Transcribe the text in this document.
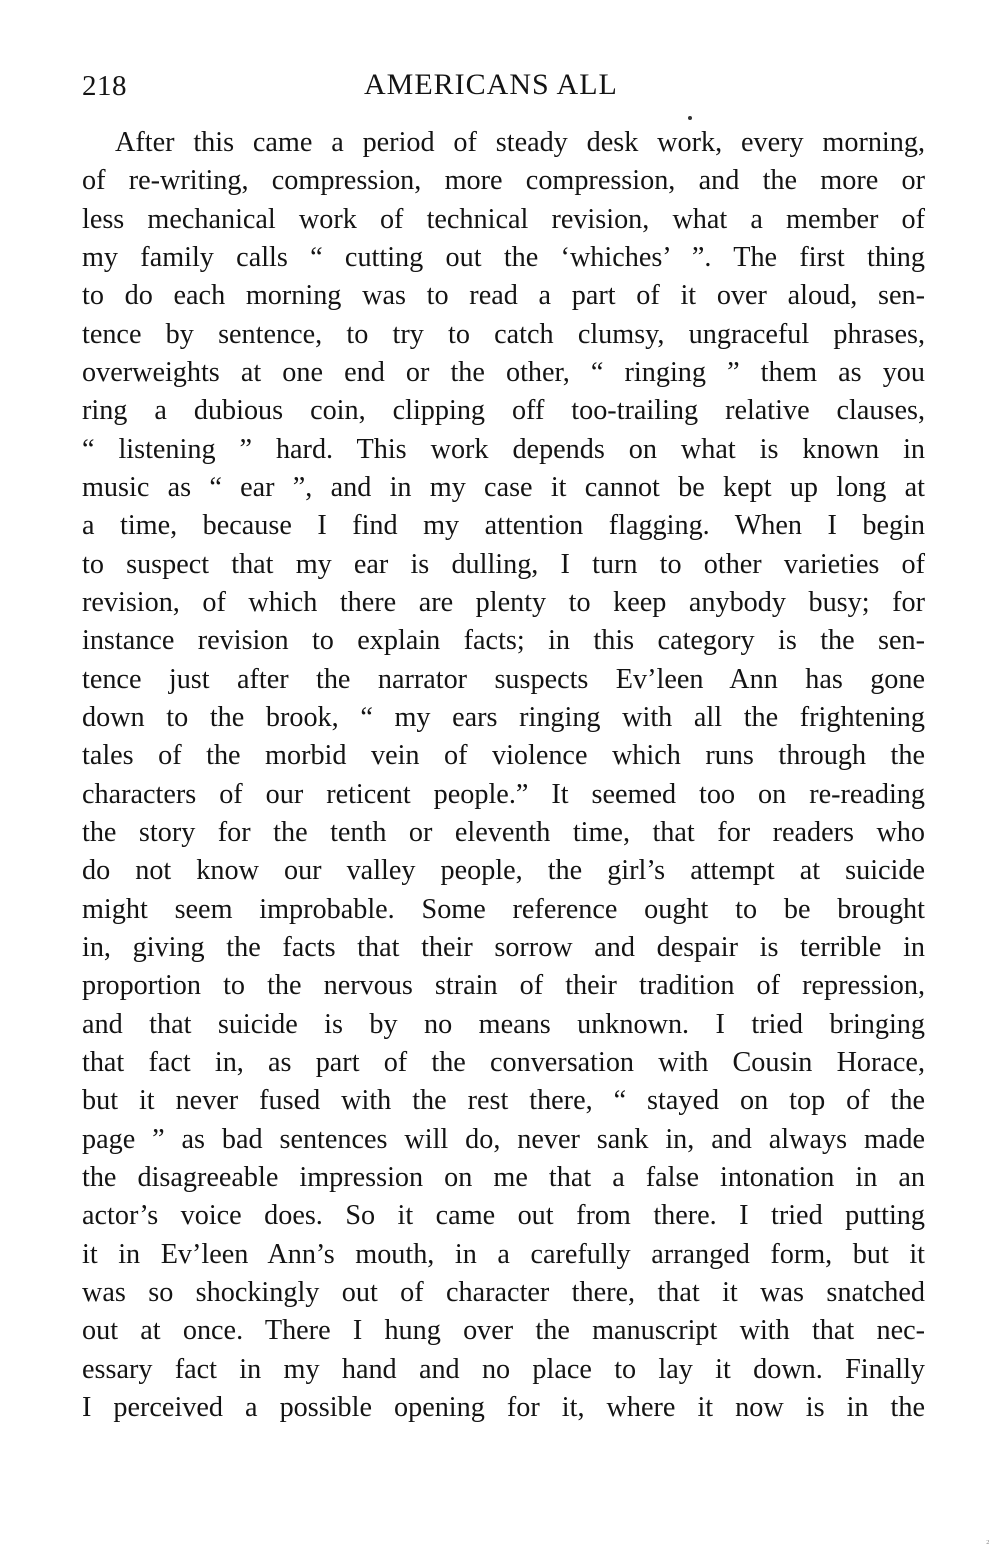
218	AMERICANS ALL
After this came a period of steady desk work, every morning,
of re-writing, compression, more compression, and the more or
less mechanical work of technical revision, what a member of
my family calls “ cutting out the ‘whiches’ ”. The first thing
to do each morning was to read a part of it over aloud, sen-
tence by sentence, to try to catch clumsy, ungraceful phrases,
overweights at one end or the other, “ ringing ” them as you
ring a dubious coin, clipping off too-trailing relative clauses,
“ listening ” hard. This work depends on what is known in
music as “ ear ”, and in my case it cannot be kept up long at
a time, because I find my attention flagging. When I begin
to suspect that my ear is dulling, I turn to other varieties of
revision, of which there are plenty to keep anybody busy; for
instance revision to explain facts; in this category is the sen-
tence just after the narrator suspects Ev’leen Ann has gone
down to the brook, “ my ears ringing with all the frightening
tales of the morbid vein of violence which runs through the
characters of our reticent people.” It seemed too on re-reading
the story for the tenth or eleventh time, that for readers who
do not know our valley people, the girl’s attempt at suicide
might seem improbable. Some reference ought to be brought
in, giving the facts that their sorrow and despair is terrible in
proportion to the nervous strain of their tradition of repression,
and that suicide is by no means unknown. I tried bringing
that fact in, as part of the conversation with Cousin Horace,
but it never fused with the rest there, “ stayed on top of the
page ” as bad sentences will do, never sank in, and always made
the disagreeable impression on me that a false intonation in an
actor’s voice does. So it came out from there. I tried putting
it in Ev’leen Ann’s mouth, in a carefully arranged form, but it
was so shockingly out of character there, that it was snatched
out at once. There I hung over the manuscript with that nec-
essary fact in my hand and no place to lay it down. Finally
I perceived a possible opening for it, where it now is in the
₂
